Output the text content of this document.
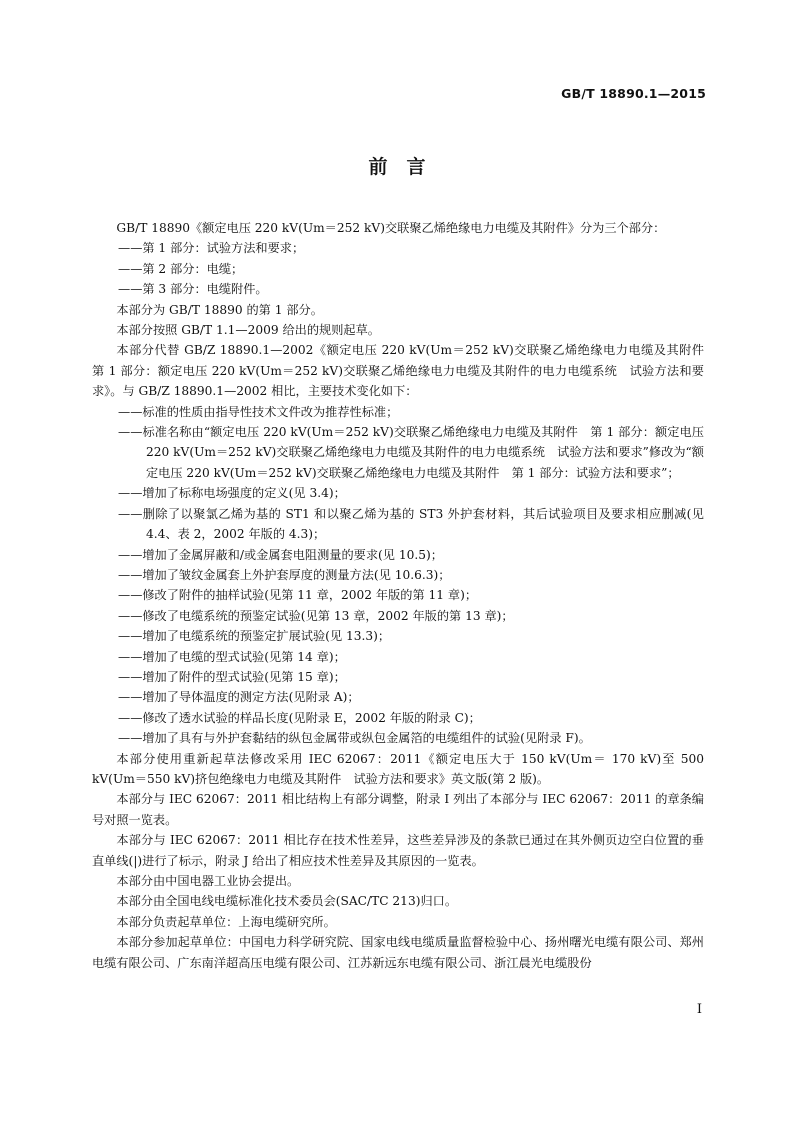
GB/T 18890.1—2015
前　言

GB/T 18890《额定电压 220 kV(Um＝252 kV)交联聚乙烯绝缘电力电缆及其附件》分为三个部分：

——第 1 部分：试验方法和要求；

——第 2 部分：电缆；

——第 3 部分：电缆附件。

本部分为 GB/T 18890 的第 1 部分。

本部分按照 GB/T 1.1—2009 给出的规则起草。

本部分代替 GB/Z 18890.1—2002《额定电压 220 kV(Um＝252 kV)交联聚乙烯绝缘电力电缆及其附件　第 1 部分：额定电压 220 kV(Um＝252 kV)交联聚乙烯绝缘电力电缆及其附件的电力电缆系统　试验方法和要求》。与 GB/Z 18890.1—2002 相比，主要技术变化如下：

——标准的性质由指导性技术文件改为推荐性标准；

——标准名称由“额定电压 220 kV(Um＝252 kV)交联聚乙烯绝缘电力电缆及其附件　第 1 部分：额定电压 220 kV(Um＝252 kV)交联聚乙烯绝缘电力电缆及其附件的电力电缆系统　试验方法和要求”修改为“额定电压 220 kV(Um＝252 kV)交联聚乙烯绝缘电力电缆及其附件　第 1 部分：试验方法和要求”；

——增加了标称电场强度的定义(见 3.4)；

——删除了以聚氯乙烯为基的 ST1 和以聚乙烯为基的 ST3 外护套材料，其后试验项目及要求相应删减(见 4.4、表 2，2002 年版的 4.3)；

——增加了金属屏蔽和/或金属套电阻测量的要求(见 10.5)；

——增加了皱纹金属套上外护套厚度的测量方法(见 10.6.3)；

——修改了附件的抽样试验(见第 11 章，2002 年版的第 11 章)；

——修改了电缆系统的预鉴定试验(见第 13 章，2002 年版的第 13 章)；

——增加了电缆系统的预鉴定扩展试验(见 13.3)；

——增加了电缆的型式试验(见第 14 章)；

——增加了附件的型式试验(见第 15 章)；

——增加了导体温度的测定方法(见附录 A)；

——修改了透水试验的样品长度(见附录 E，2002 年版的附录 C)；

——增加了具有与外护套黏结的纵包金属带或纵包金属箔的电缆组件的试验(见附录 F)。

本部分使用重新起草法修改采用 IEC 62067：2011《额定电压大于 150 kV(Um＝ 170 kV)至 500 kV(Um＝550 kV)挤包绝缘电力电缆及其附件　试验方法和要求》英文版(第 2 版)。

本部分与 IEC 62067：2011 相比结构上有部分调整，附录 I 列出了本部分与 IEC 62067：2011 的章条编号对照一览表。

本部分与 IEC 62067：2011 相比存在技术性差异，这些差异涉及的条款已通过在其外侧页边空白位置的垂直单线(|)进行了标示，附录 J 给出了相应技术性差异及其原因的一览表。

本部分由中国电器工业协会提出。

本部分由全国电线电缆标准化技术委员会(SAC/TC 213)归口。

本部分负责起草单位：上海电缆研究所。

本部分参加起草单位：中国电力科学研究院、国家电线电缆质量监督检验中心、扬州曙光电缆有限公司、郑州电缆有限公司、广东南洋超高压电缆有限公司、江苏新远东电缆有限公司、浙江晨光电缆股份

I
